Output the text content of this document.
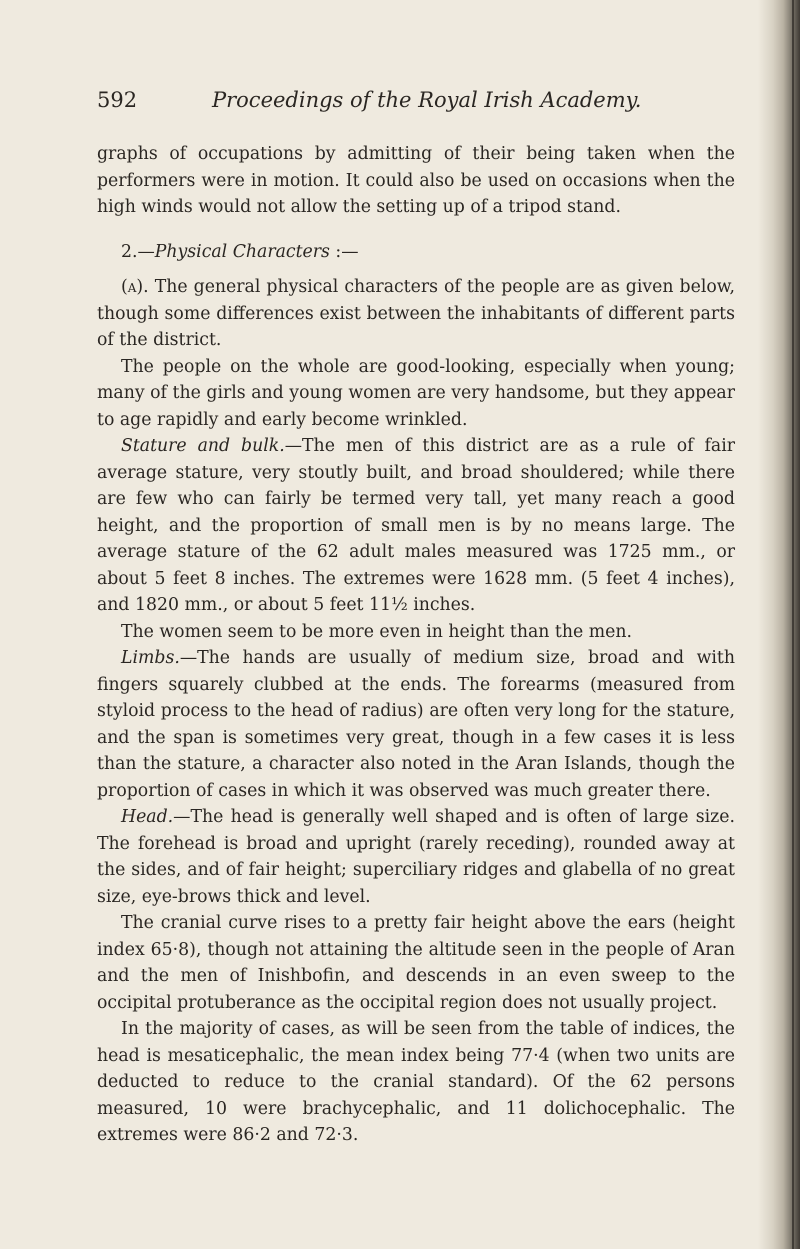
592	Proceedings of the Royal Irish Academy.

graphs of occupations by admitting of their being taken when the performers were in motion. It could also be used on occasions when the high winds would not allow the setting up of a tripod stand.

2.—Physical Characters :—

(a). The general physical characters of the people are as given below, though some differences exist between the inhabitants of different parts of the district.

The people on the whole are good-looking, especially when young; many of the girls and young women are very handsome, but they appear to age rapidly and early become wrinkled.

Stature and bulk.—The men of this district are as a rule of fair average stature, very stoutly built, and broad shouldered; while there are few who can fairly be termed very tall, yet many reach a good height, and the proportion of small men is by no means large. The average stature of the 62 adult males measured was 1725 mm., or about 5 feet 8 inches. The extremes were 1628 mm. (5 feet 4 inches), and 1820 mm., or about 5 feet 11½ inches.

The women seem to be more even in height than the men.

Limbs.—The hands are usually of medium size, broad and with fingers squarely clubbed at the ends. The forearms (measured from styloid process to the head of radius) are often very long for the stature, and the span is sometimes very great, though in a few cases it is less than the stature, a character also noted in the Aran Islands, though the proportion of cases in which it was observed was much greater there.

Head.—The head is generally well shaped and is often of large size. The forehead is broad and upright (rarely receding), rounded away at the sides, and of fair height; superciliary ridges and glabella of no great size, eye-brows thick and level.

The cranial curve rises to a pretty fair height above the ears (height index 65·8), though not attaining the altitude seen in the people of Aran and the men of Inishbofin, and descends in an even sweep to the occipital protuberance as the occipital region does not usually project.

In the majority of cases, as will be seen from the table of indices, the head is mesaticephalic, the mean index being 77·4 (when two units are deducted to reduce to the cranial standard). Of the 62 persons measured, 10 were brachycephalic, and 11 dolichocephalic. The extremes were 86·2 and 72·3.
